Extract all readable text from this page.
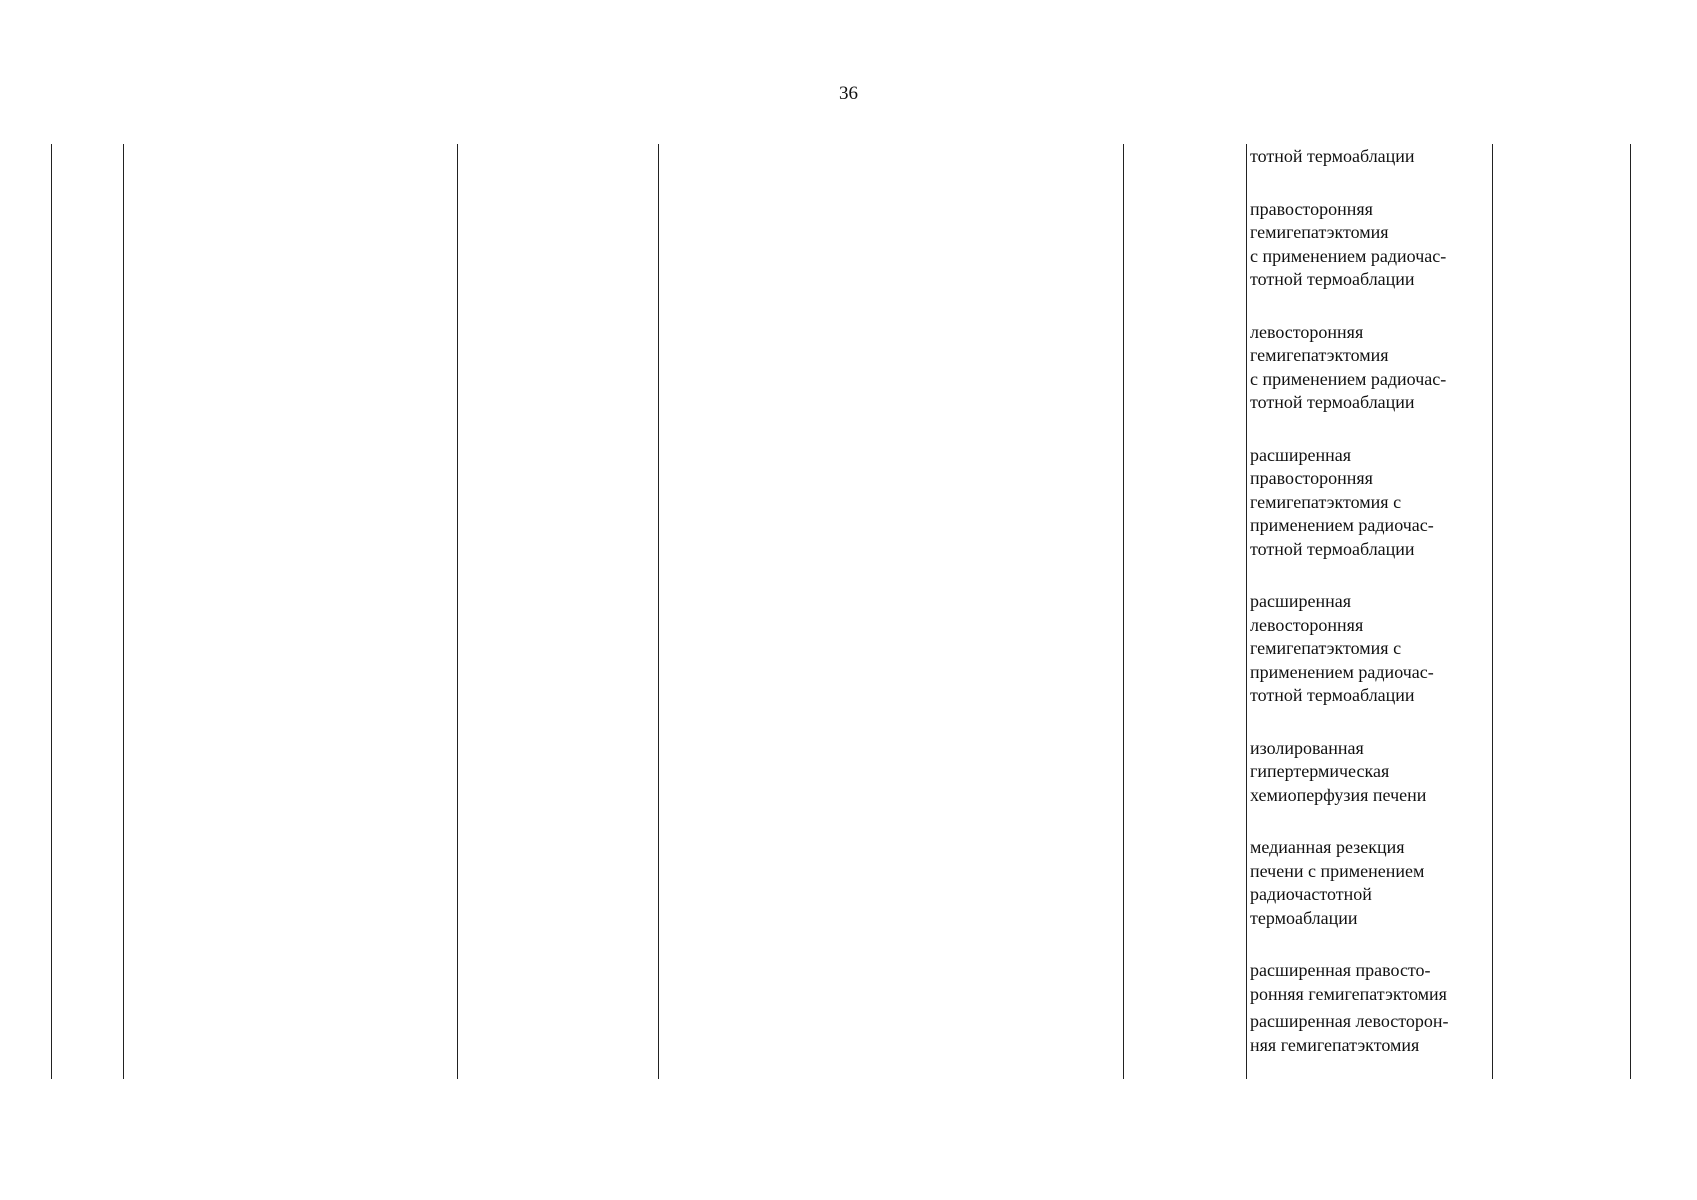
36

тотной термоаблации

правосторонняя
гемигепатэктомия
с применением радиочас-
тотной термоаблации

левосторонняя
гемигепатэктомия
с применением радиочас-
тотной термоаблации

расширенная
правосторонняя
гемигепатэктомия с
применением радиочас-
тотной термоаблации

расширенная
левосторонняя
гемигепатэктомия с
применением радиочас-
тотной термоаблации

изолированная
гипертермическая
хемиоперфузия печени

медианная резекция
печени с применением
радиочастотной
термоаблации

расширенная правосто-
ронняя гемигепатэктомия

расширенная левосторон-
няя гемигепатэктомия
